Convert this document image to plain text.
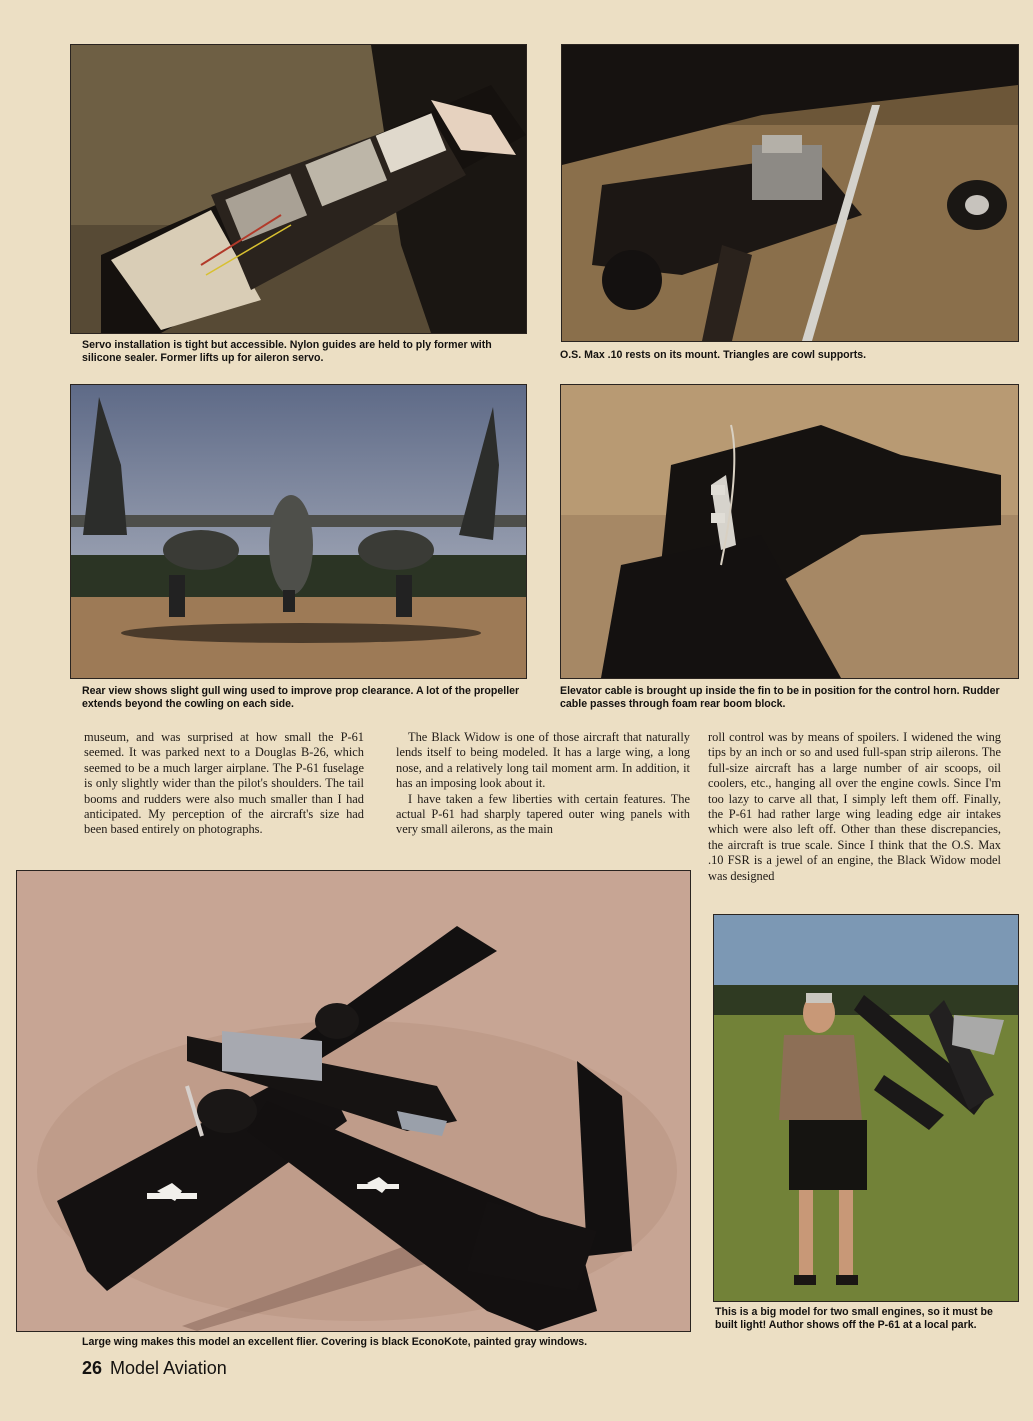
Servo installation is tight but accessible. Nylon guides are held to ply former with silicone sealer. Former lifts up for aileron servo.	O.S. Max .10 rests on its mount. Triangles are cowl supports.

Rear view shows slight gull wing used to improve prop clearance. A lot of the propeller extends beyond the cowling on each side.

Elevator cable is brought up inside the fin to be in position for the control horn. Rudder cable passes through foam rear boom block.

museum, and was surprised at how small the P-61 seemed. It was parked next to a Douglas B-26, which seemed to be a much larger airplane. The P-61 fuselage is only slightly wider than the pilot's shoulders. The tail booms and rudders were also much smaller than I had anticipated. My perception of the aircraft's size had been based entirely on photographs.

The Black Widow is one of those aircraft that naturally lends itself to being modeled. It has a large wing, a long nose, and a relatively long tail moment arm. In addition, it has an imposing look about it.

I have taken a few liberties with certain features. The actual P-61 had sharply tapered outer wing panels with very small ailerons, as the main

roll control was by means of spoilers. I widened the wing tips by an inch or so and used full-span strip ailerons. The full-size aircraft has a large number of air scoops, oil coolers, etc., hanging all over the engine cowls. Since I'm too lazy to carve all that, I simply left them off. Finally, the P-61 had rather large wing leading edge air intakes which were also left off. Other than these discrepancies, the aircraft is true scale. Since I think that the O.S. Max .10 FSR is a jewel of an engine, the Black Widow model was designed

Large wing makes this model an excellent flier. Covering is black EconoKote, painted gray windows.

This is a big model for two small engines, so it must be built light! Author shows off the P-61 at a local park.

26 Model Aviation
